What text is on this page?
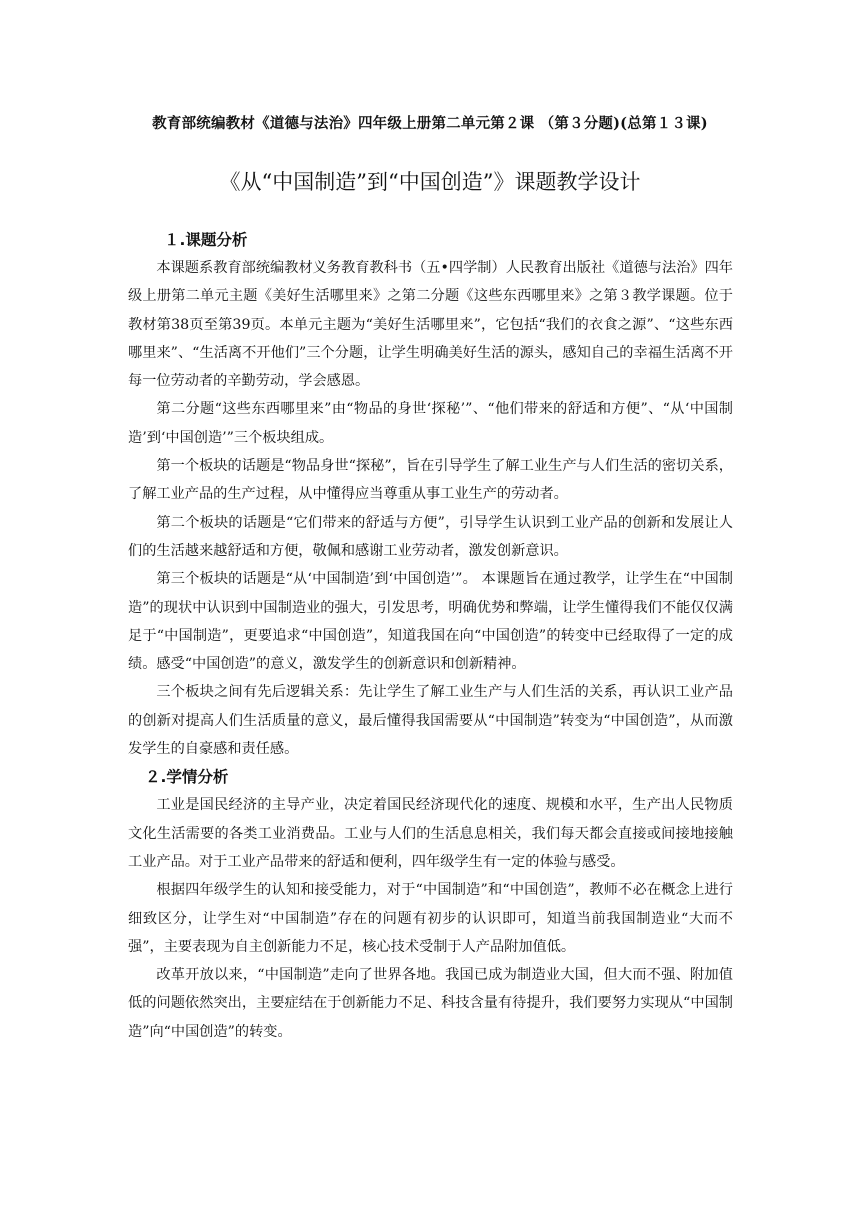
教育部统编教材《道德与法治》四年级上册第二单元第２课 （第３分题)(总第１３课)
《从“中国制造”到“中国创造”》课题教学设计
１.课题分析

本课题系教育部统编教材义务教育教科书（五•四学制）人民教育出版社《道德与法治》四年级上册第二单元主题《美好生活哪里来》之第二分题《这些东西哪里来》之第３教学课题。位于教材第38页至第39页。本单元主题为“美好生活哪里来”，它包括“我们的衣食之源”、“这些东西哪里来”、“生活离不开他们”三个分题，让学生明确美好生活的源头，感知自己的幸福生活离不开每一位劳动者的辛勤劳动，学会感恩。

第二分题“这些东西哪里来”由“物品的身世‘探秘’”、“他们带来的舒适和方便”、“从‘中国制造’到‘中国创造’”三个板块组成。

第一个板块的话题是“物品身世“探秘”，旨在引导学生了解工业生产与人们生活的密切关系，了解工业产品的生产过程，从中懂得应当尊重从事工业生产的劳动者。

第二个板块的话题是“它们带来的舒适与方便”，引导学生认识到工业产品的创新和发展让人们的生活越来越舒适和方便，敬佩和感谢工业劳动者，激发创新意识。

第三个板块的话题是“从‘中国制造’到‘中国创造’”。 本课题旨在通过教学，让学生在“中国制造”的现状中认识到中国制造业的强大，引发思考，明确优势和弊端，让学生懂得我们不能仅仅满足于“中国制造”，更要追求“中国创造”，知道我国在向“中国创造”的转变中已经取得了一定的成绩。感受“中国创造”的意义，激发学生的创新意识和创新精神。

三个板块之间有先后逻辑关系：先让学生了解工业生产与人们生活的关系，再认识工业产品的创新对提高人们生活质量的意义，最后懂得我国需要从“中国制造”转变为“中国创造”，从而激发学生的自豪感和责任感。

２.学情分析

工业是国民经济的主导产业，决定着国民经济现代化的速度、规模和水平，生产出人民物质文化生活需要的各类工业消费品。工业与人们的生活息息相关，我们每天都会直接或间接地接触工业产品。对于工业产品带来的舒适和便利，四年级学生有一定的体验与感受。

根据四年级学生的认知和接受能力，对于“中国制造”和“中国创造”，教师不必在概念上进行细致区分，让学生对“中国制造”存在的问题有初步的认识即可，知道当前我国制造业“大而不强”，主要表现为自主创新能力不足，核心技术受制于人产品附加值低。

改革开放以来，“中国制造”走向了世界各地。我国已成为制造业大国，但大而不强、附加值低的问题依然突出，主要症结在于创新能力不足、科技含量有待提升，我们要努力实现从“中国制造”向“中国创造”的转变。
